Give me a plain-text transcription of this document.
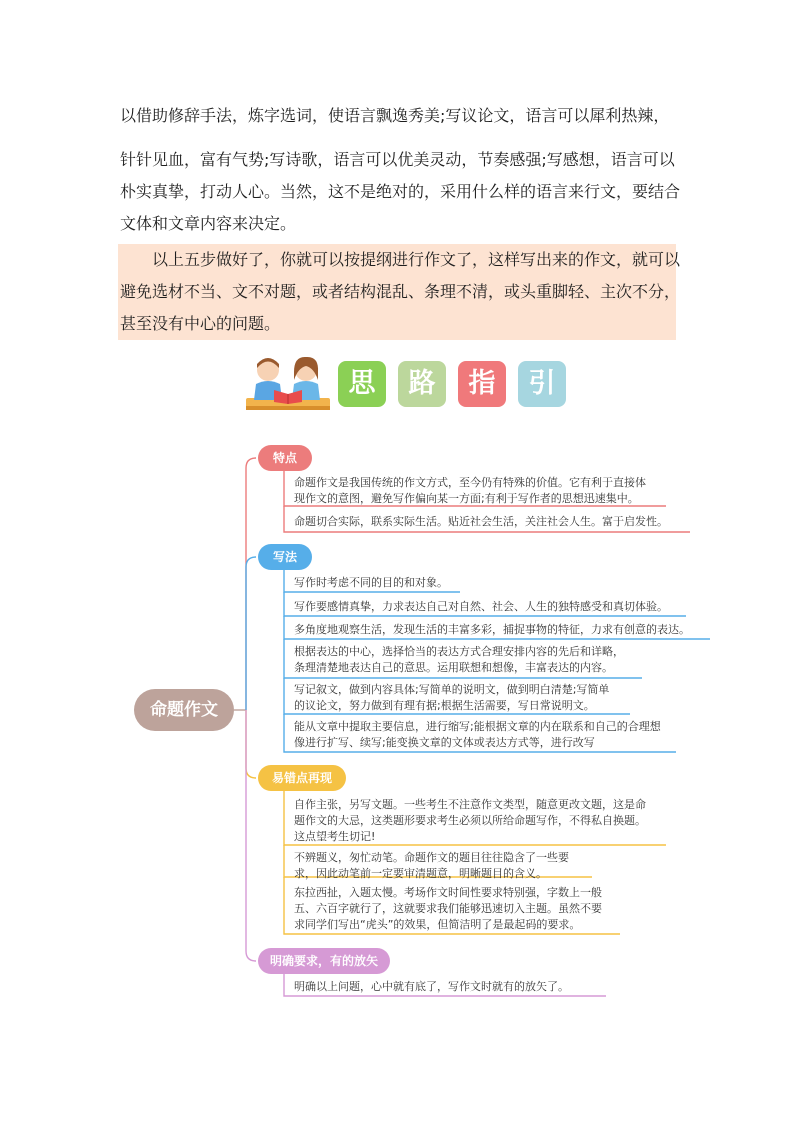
以借助修辞手法，炼字选词，使语言飘逸秀美;写议论文，语言可以犀利热辣，
针针见血，富有气势;写诗歌，语言可以优美灵动，节奏感强;写感想，语言可以
朴实真挚，打动人心。当然，这不是绝对的，采用什么样的语言来行文，要结合
文体和文章内容来决定。
　　以上五步做好了，你就可以按提纲进行作文了，这样写出来的作文，就可以
避免选材不当、文不对题，或者结构混乱、条理不清，或头重脚轻、主次不分，
甚至没有中心的问题。
思	路	指	引
命题作文
特点
写法
易错点再现
明确要求，有的放矢
命题作文是我国传统的作文方式，至今仍有特殊的价值。它有利于直接体
现作文的意图，避免写作偏向某一方面;有利于写作者的思想迅速集中。
命题切合实际，联系实际生活。贴近社会生活，关注社会人生。富于启发性。
写作时考虑不同的目的和对象。
写作要感情真挚，力求表达自己对自然、社会、人生的独特感受和真切体验。
多角度地观察生活，发现生活的丰富多彩，捕捉事物的特征，力求有创意的表达。
根据表达的中心，选择恰当的表达方式合理安排内容的先后和详略，
条理清楚地表达自己的意思。运用联想和想像，丰富表达的内容。
写记叙文，做到内容具体;写简单的说明文，做到明白清楚;写简单
的议论文，努力做到有理有据;根据生活需要，写日常说明文。
能从文章中提取主要信息，进行缩写;能根据文章的内在联系和自己的合理想
像进行扩写、续写;能变换文章的文体或表达方式等，进行改写
自作主张，另写文题。一些考生不注意作文类型，随意更改文题，这是命
题作文的大忌，这类题形要求考生必须以所给命题写作，不得私自换题。
这点望考生切记!
不辨题义，匆忙动笔。命题作文的题目往往隐含了一些要
求，因此动笔前一定要审清题意，明晰题目的含义。
东拉西扯，入题太慢。考场作文时间性要求特别强，字数上一般
五、六百字就行了，这就要求我们能够迅速切入主题。虽然不要
求同学们写出“虎头”的效果，但简洁明了是最起码的要求。
明确以上问题，心中就有底了，写作文时就有的放矢了。
